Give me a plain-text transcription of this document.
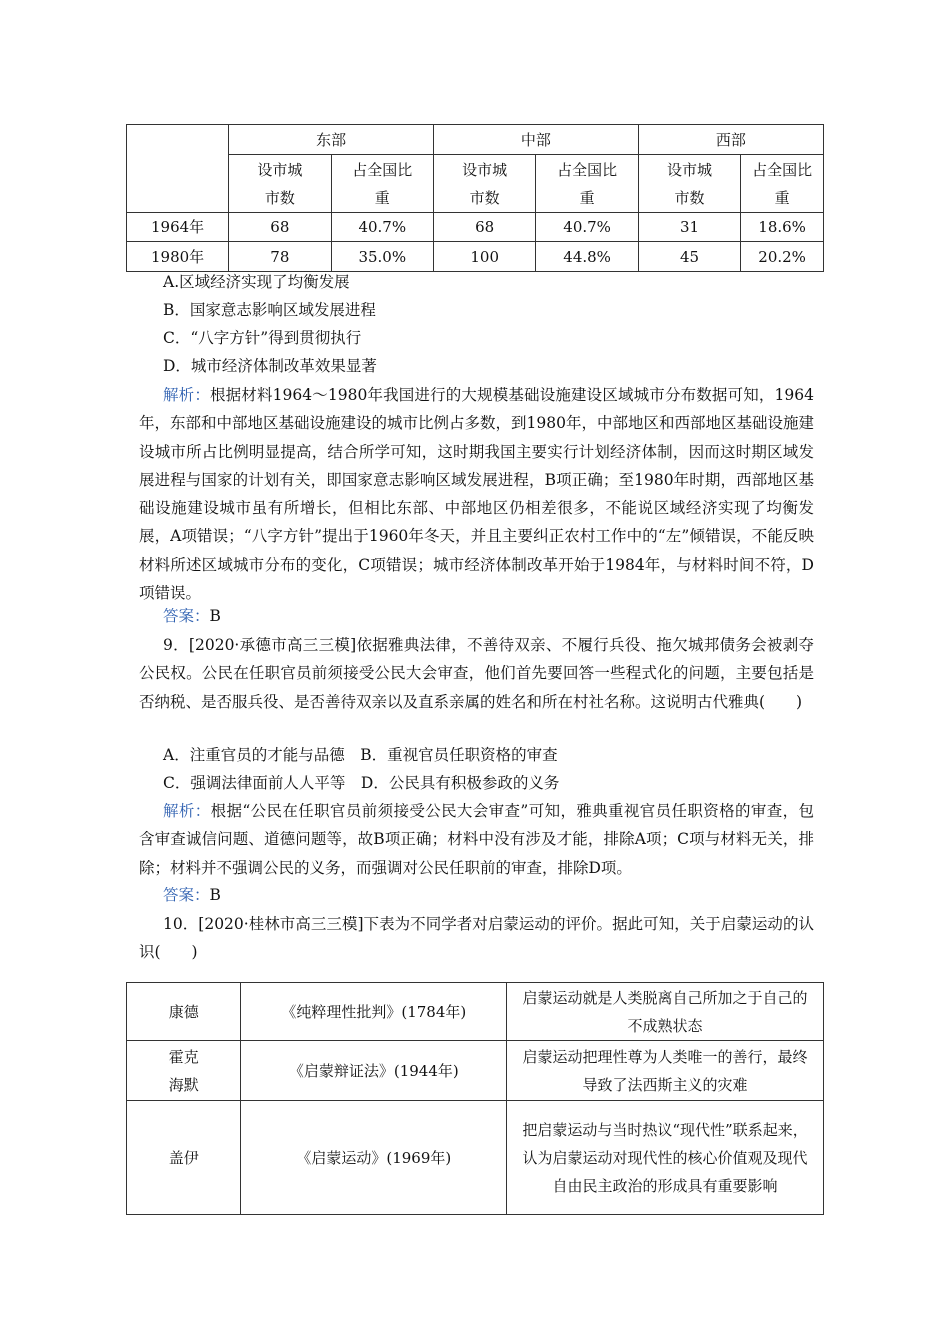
	东部		中部		西部	

	设市城市数	占全国比重	设市城市数	占全国比重	设市城市数	占全国比重

1964年	68	40.7%	68	40.7%	31	18.6%
1980年	78	35.0%	100	44.8%	45	20.2%
A.区域经济实现了均衡发展
B．国家意志影响区域发展进程
C．“八字方针”得到贯彻执行
D．城市经济体制改革效果显著
解析：根据材料1964～1980年我国进行的大规模基础设施建设区域城市分布数据可知，1964年，东部和中部地区基础设施建设的城市比例占多数，到1980年，中部地区和西部地区基础设施建设城市所占比例明显提高，结合所学可知，这时期我国主要实行计划经济体制，因而这时期区域发展进程与国家的计划有关，即国家意志影响区域发展进程，B项正确；至1980年时期，西部地区基础设施建设城市虽有所增长，但相比东部、中部地区仍相差很多，不能说区域经济实现了均衡发展，A项错误；“八字方针”提出于1960年冬天，并且主要纠正农村工作中的“左”倾错误，不能反映材料所述区域城市分布的变化，C项错误；城市经济体制改革开始于1984年，与材料时间不符，D项错误。
答案：B
9．[2020·承德市高三三模]依据雅典法律，不善待双亲、不履行兵役、拖欠城邦债务会被剥夺公民权。公民在任职官员前须接受公民大会审查，他们首先要回答一些程式化的问题，主要包括是否纳税、是否服兵役、是否善待双亲以及直系亲属的姓名和所在村社名称。这说明古代雅典(　　)
A．注重官员的才能与品德　 B．重视官员任职资格的审查
C．强调法律面前人人平等　 D．公民具有积极参政的义务
解析：根据“公民在任职官员前须接受公民大会审查”可知，雅典重视官员任职资格的审查，包含审查诚信问题、道德问题等，故B项正确；材料中没有涉及才能，排除A项；C项与材料无关，排除；材料并不强调公民的义务，而强调对公民任职前的审查，排除D项。
答案：B
10．[2020·桂林市高三三模]下表为不同学者对启蒙运动的评价。据此可知，关于启蒙运动的认识(　　)
康德	《纯粹理性批判》(1784年)	启蒙运动就是人类脱离自己所加之于自己的不成熟状态

霍克海默	《启蒙辩证法》(1944年)	启蒙运动把理性尊为人类唯一的善行，最终导致了法西斯主义的灾难

盖伊	《启蒙运动》(1969年)	把启蒙运动与当时热议“现代性”联系起来，认为启蒙运动对现代性的核心价值观及现代自由民主政治的形成具有重要影响
